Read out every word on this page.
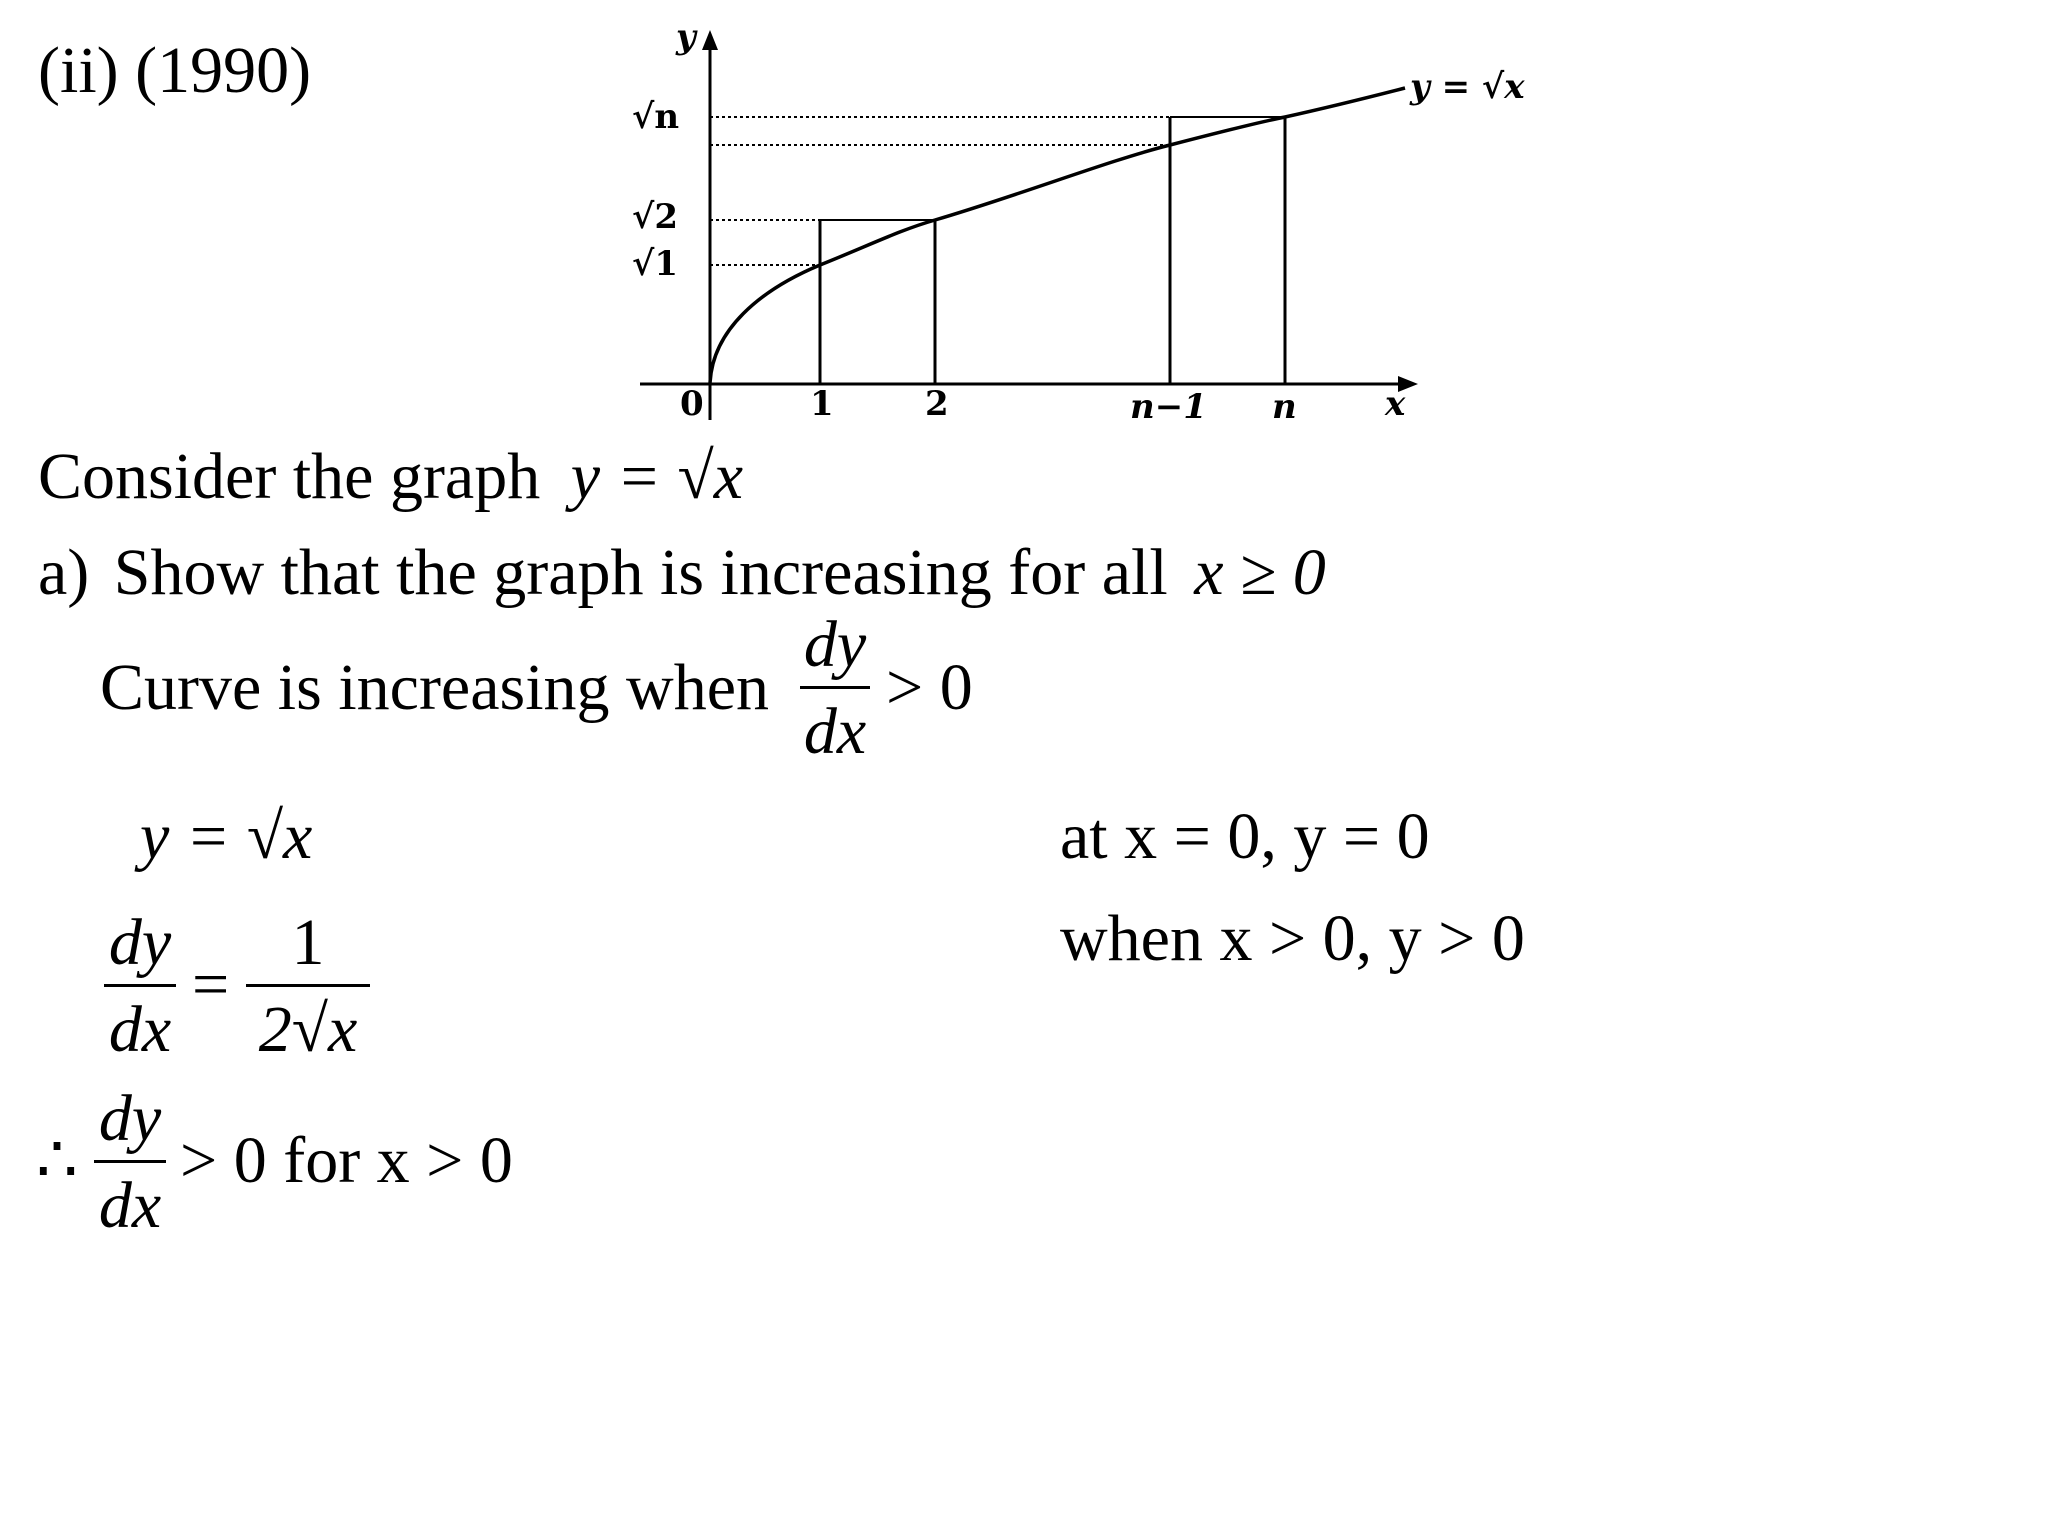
(ii) (1990)	y
x
y = √x
0	1	2	n−1 n
√n
√2
√1
Consider the graph y = √x
a) Show that the graph is increasing for all x ≥ 0
Curve is increasing when
dy
dx
> 0
y = √x
dy
dx
=
1
2√x
∴
dy
dx
> 0 for x > 0
at x = 0, y = 0
when x > 0, y > 0
